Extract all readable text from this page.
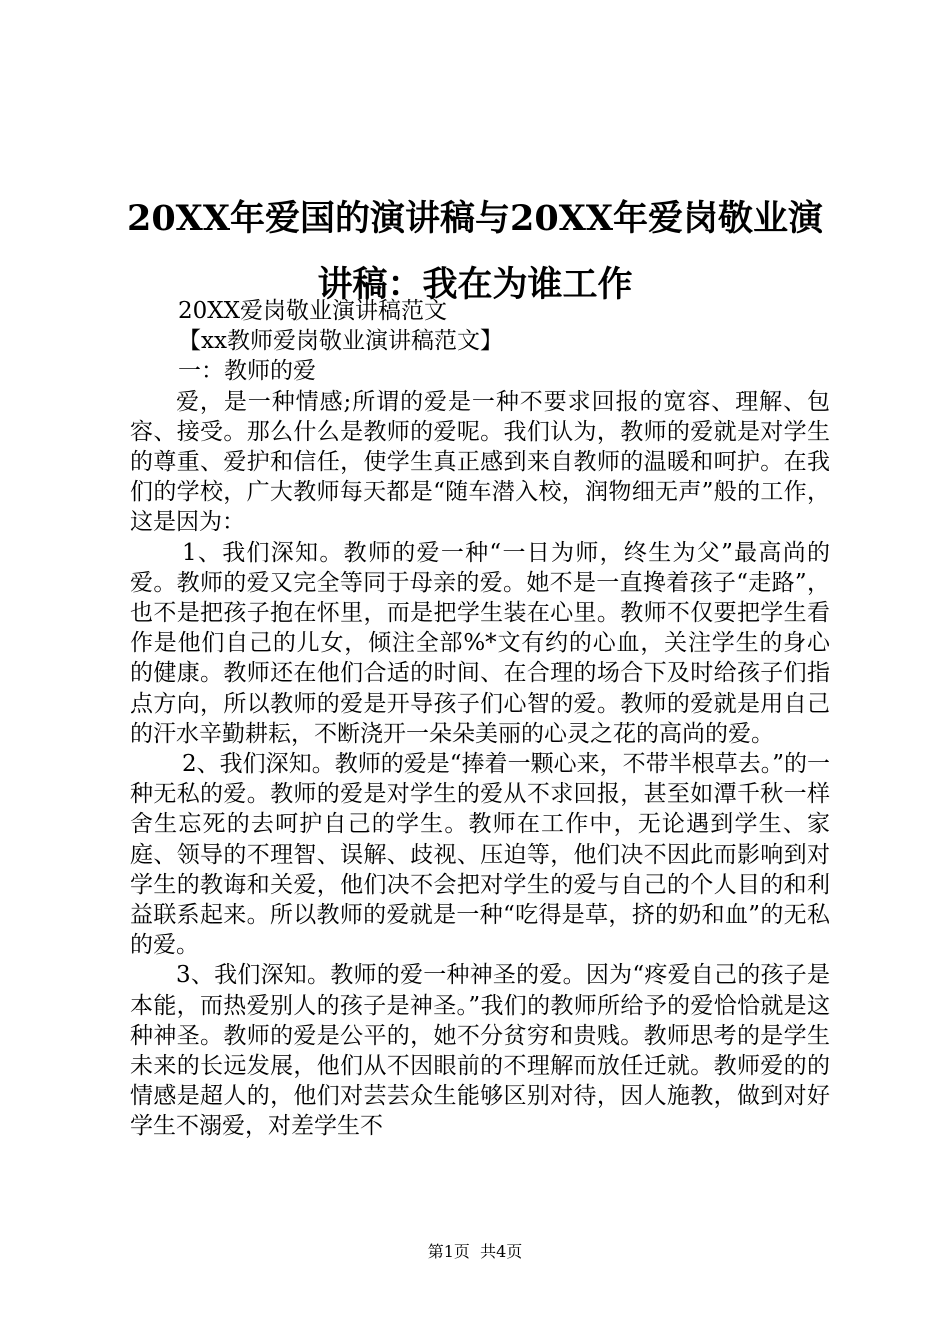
20XX年爱国的演讲稿与20XX年爱岗敬业演讲稿：我在为谁工作

20XX爱岗敬业演讲稿范文

【xx教师爱岗敬业演讲稿范文】

一：教师的爱

爱，是一种情感;所谓的爱是一种不要求回报的宽容、理解、包容、接受。那么什么是教师的爱呢。我们认为，教师的爱就是对学生的尊重、爱护和信任，使学生真正感到来自教师的温暖和呵护。在我们的学校，广大教师每天都是“随车潜入校，润物细无声”般的工作，这是因为：

1、我们深知。教师的爱一种“一日为师，终生为父”最高尚的爱。教师的爱又完全等同于母亲的爱。她不是一直搀着孩子“走路”，也不是把孩子抱在怀里，而是把学生装在心里。教师不仅要把学生看作是他们自己的儿女，倾注全部%*文有约的心血，关注学生的身心的健康。教师还在他们合适的时间、在合理的场合下及时给孩子们指点方向，所以教师的爱是开导孩子们心智的爱。教师的爱就是用自己的汗水辛勤耕耘，不断浇开一朵朵美丽的心灵之花的高尚的爱。

2、我们深知。教师的爱是“捧着一颗心来，不带半根草去。”的一种无私的爱。教师的爱是对学生的爱从不求回报，甚至如潭千秋一样舍生忘死的去呵护自己的学生。教师在工作中，无论遇到学生、家庭、领导的不理智、误解、歧视、压迫等，他们决不因此而影响到对学生的教诲和关爱，他们决不会把对学生的爱与自己的个人目的和利益联系起来。所以教师的爱就是一种“吃得是草，挤的奶和血”的无私的爱。

3、我们深知。教师的爱一种神圣的爱。因为“疼爱自己的孩子是本能，而热爱别人的孩子是神圣。”我们的教师所给予的爱恰恰就是这种神圣。教师的爱是公平的，她不分贫穷和贵贱。教师思考的是学生未来的长远发展，他们从不因眼前的不理解而放任迁就。教师爱的的情感是超人的，他们对芸芸众生能够区别对待，因人施教，做到对好学生不溺爱，对差学生不

第1页 共4页
